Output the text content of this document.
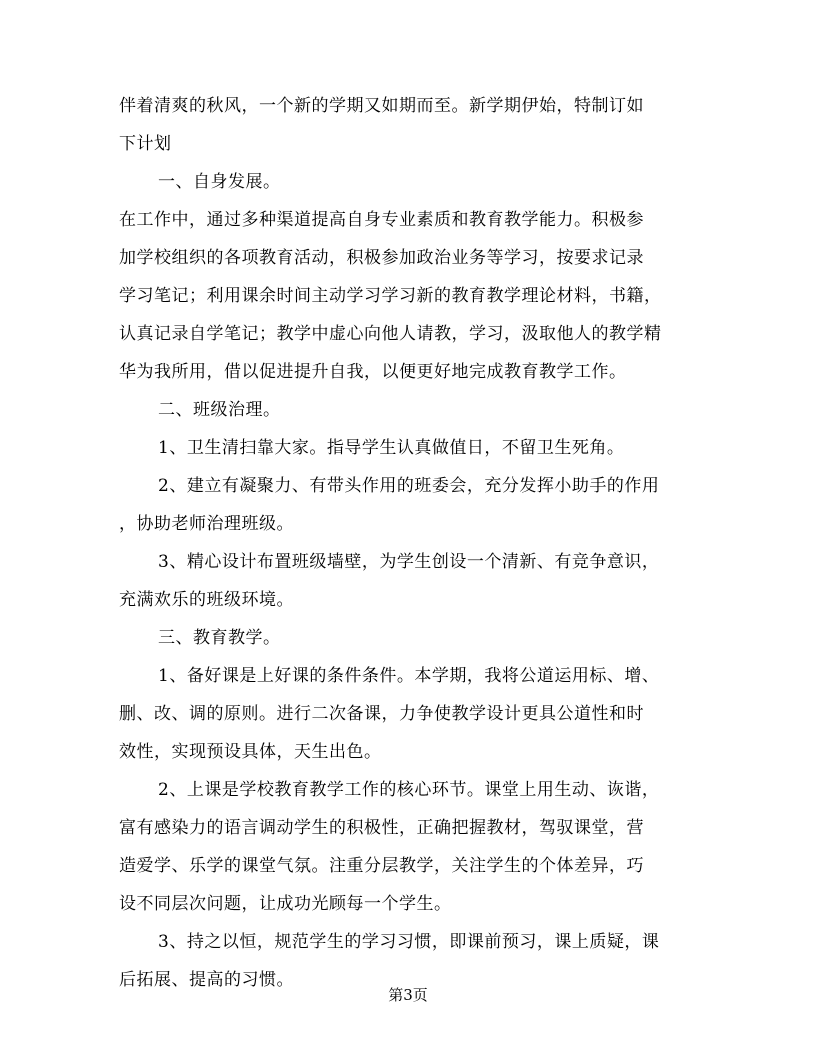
伴着清爽的秋风，一个新的学期又如期而至。新学期伊始，特制订如
下计划
一、自身发展。
在工作中，通过多种渠道提高自身专业素质和教育教学能力。积极参
加学校组织的各项教育活动，积极参加政治业务等学习，按要求记录
学习笔记；利用课余时间主动学习学习新的教育教学理论材料，书籍，
认真记录自学笔记；教学中虚心向他人请教，学习，汲取他人的教学精
华为我所用，借以促进提升自我，以便更好地完成教育教学工作。
二、班级治理。
1、卫生清扫靠大家。指导学生认真做值日，不留卫生死角。
2、建立有凝聚力、有带头作用的班委会，充分发挥小助手的作用
，协助老师治理班级。
3、精心设计布置班级墙壁，为学生创设一个清新、有竞争意识，
充满欢乐的班级环境。
三、教育教学。
1、备好课是上好课的条件条件。本学期，我将公道运用标、增、
删、改、调的原则。进行二次备课，力争使教学设计更具公道性和时
效性，实现预设具体，天生出色。
2、上课是学校教育教学工作的核心环节。课堂上用生动、诙谐，
富有感染力的语言调动学生的积极性，正确把握教材，驾驭课堂，营
造爱学、乐学的课堂气氛。注重分层教学，关注学生的个体差异，巧
设不同层次问题，让成功光顾每一个学生。
3、持之以恒，规范学生的学习习惯，即课前预习，课上质疑，课
后拓展、提高的习惯。
第3页
